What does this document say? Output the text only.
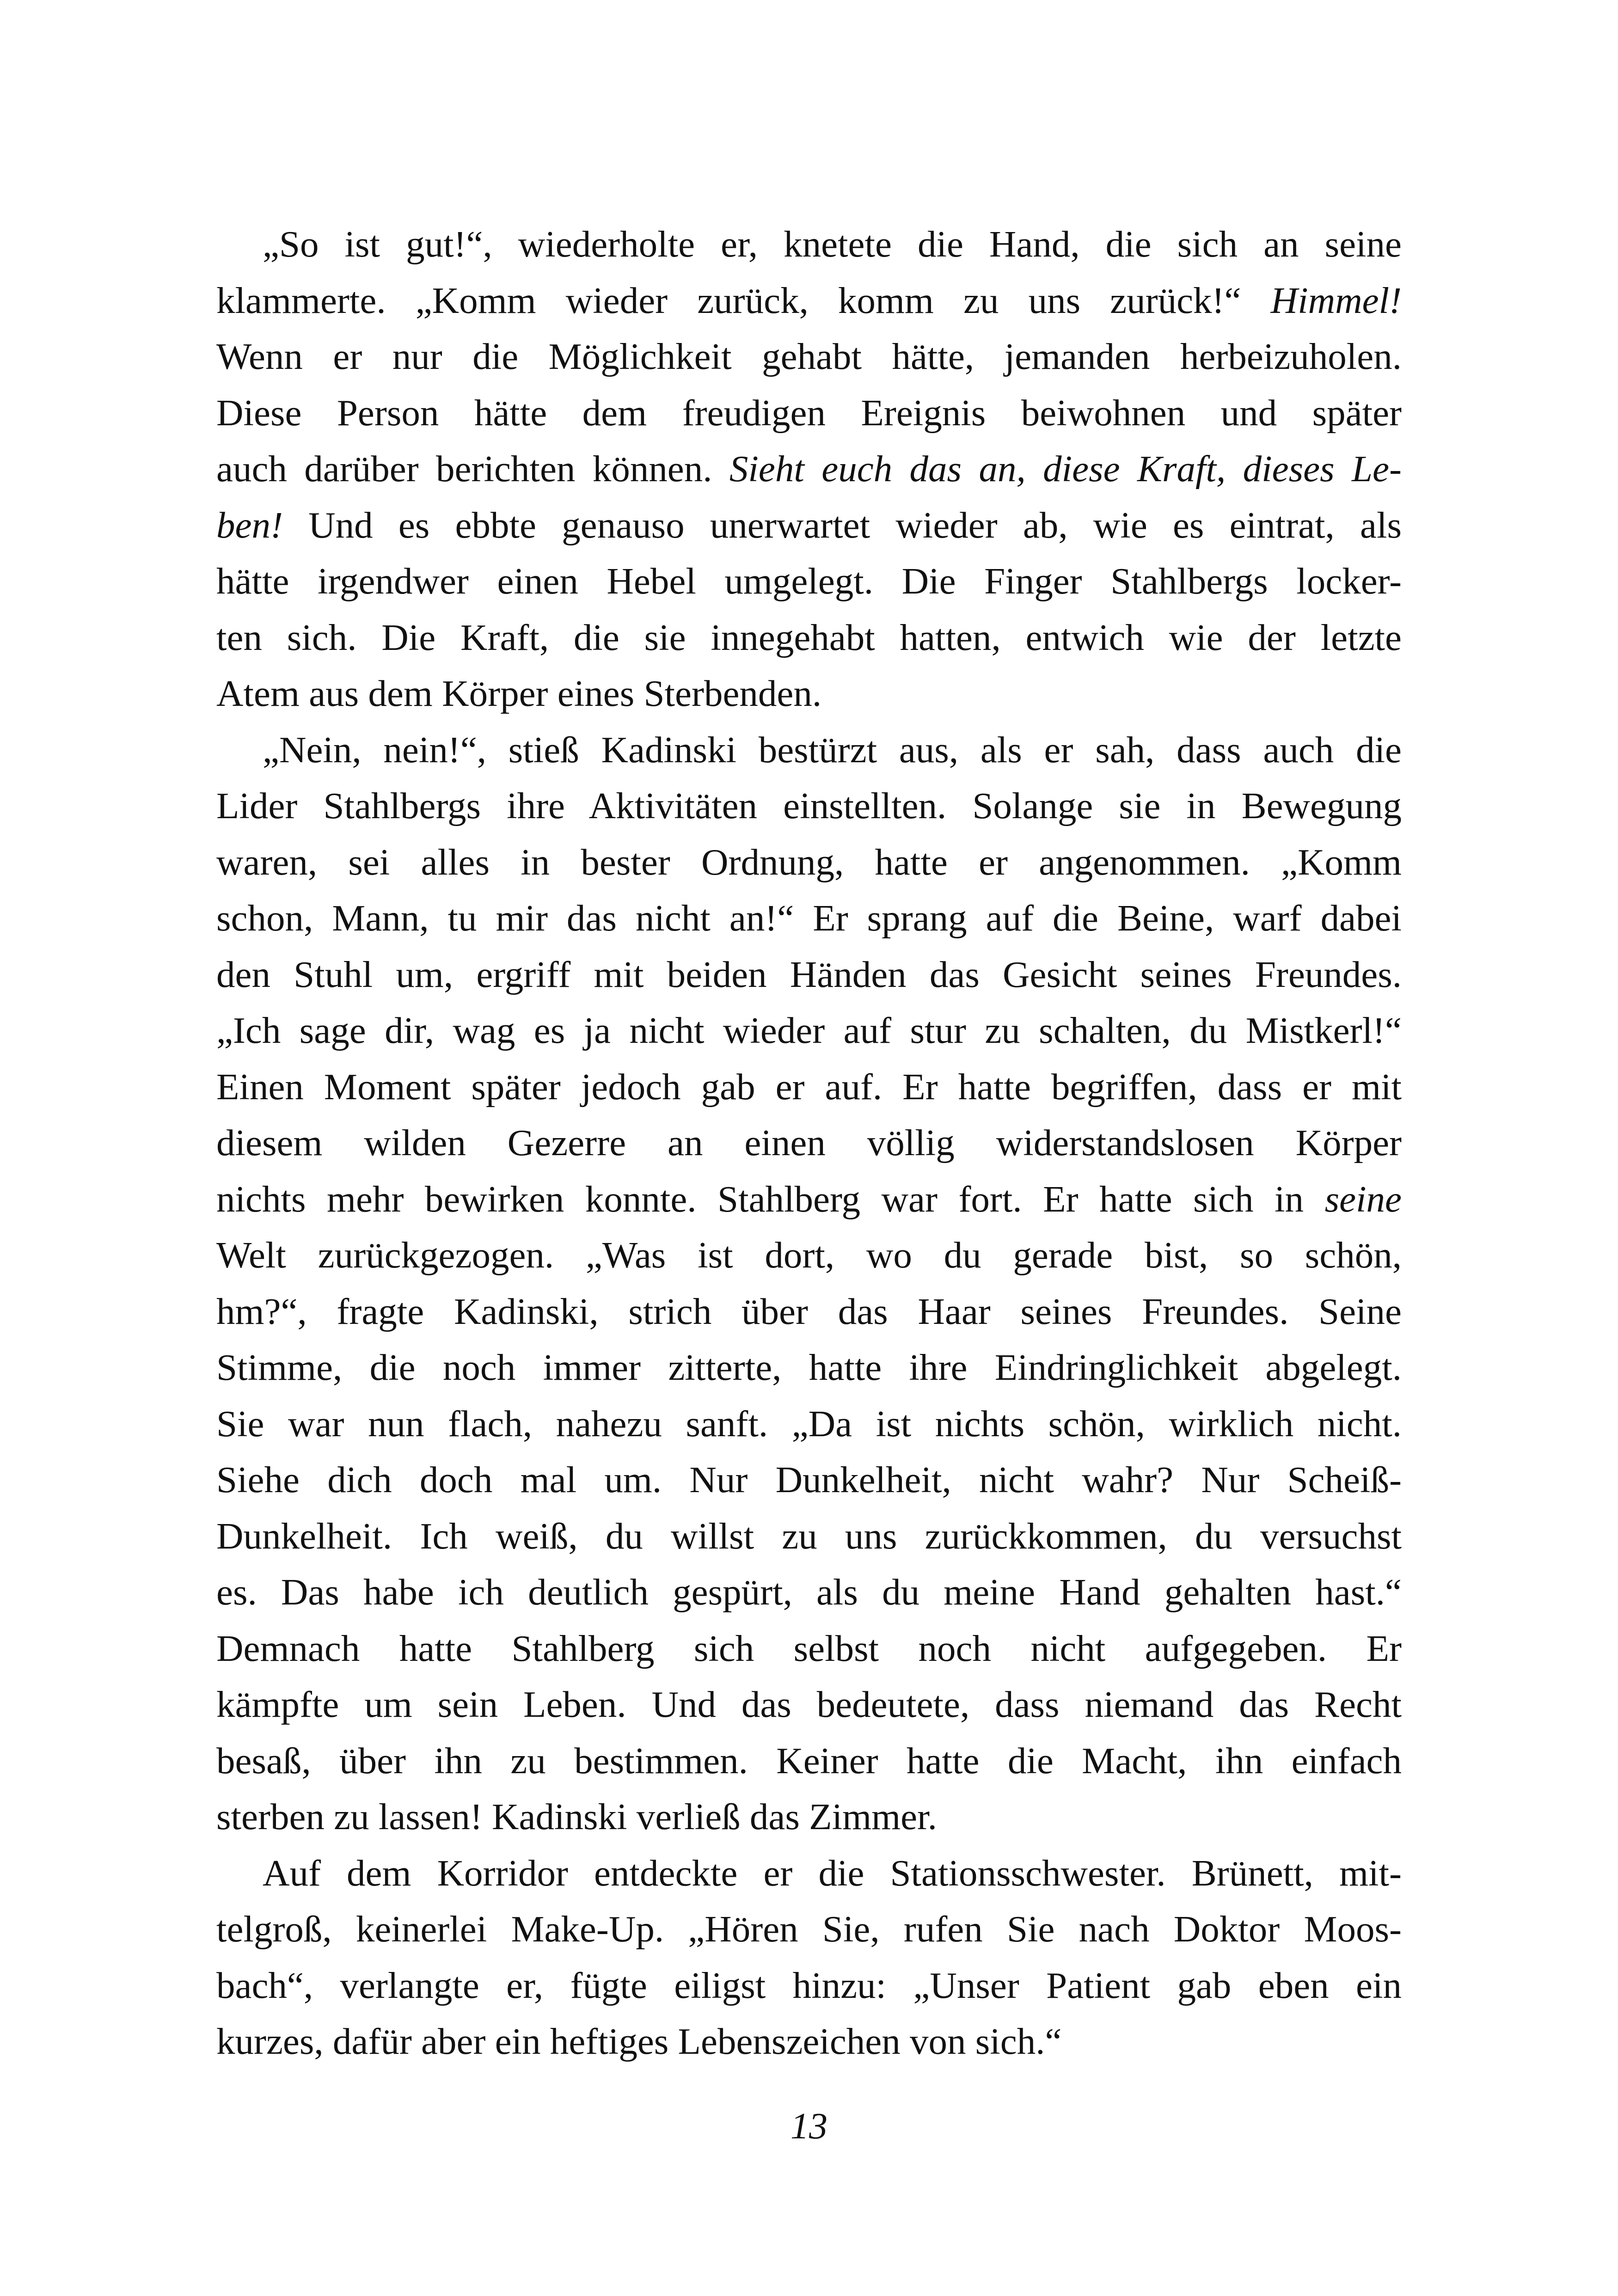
„So ist gut!“, wiederholte er, knetete die Hand, die sich an seine
klammerte. „Komm wieder zurück, komm zu uns zurück!“ Himmel!
Wenn er nur die Möglichkeit gehabt hätte, jemanden herbeizuholen.
Diese Person hätte dem freudigen Ereignis beiwohnen und später
auch darüber berichten können. Sieht euch das an, diese Kraft, dieses Le-
ben! Und es ebbte genauso unerwartet wieder ab, wie es eintrat, als
hätte irgendwer einen Hebel umgelegt. Die Finger Stahlbergs locker-
ten sich. Die Kraft, die sie innegehabt hatten, entwich wie der letzte
Atem aus dem Körper eines Sterbenden.
„Nein, nein!“, stieß Kadinski bestürzt aus, als er sah, dass auch die
Lider Stahlbergs ihre Aktivitäten einstellten. Solange sie in Bewegung
waren, sei alles in bester Ordnung, hatte er angenommen. „Komm
schon, Mann, tu mir das nicht an!“ Er sprang auf die Beine, warf dabei
den Stuhl um, ergriff mit beiden Händen das Gesicht seines Freundes.
„Ich sage dir, wag es ja nicht wieder auf stur zu schalten, du Mistkerl!“
Einen Moment später jedoch gab er auf. Er hatte begriffen, dass er mit
diesem wilden Gezerre an einen völlig widerstandslosen Körper
nichts mehr bewirken konnte. Stahlberg war fort. Er hatte sich in seine
Welt zurückgezogen. „Was ist dort, wo du gerade bist, so schön,
hm?“, fragte Kadinski, strich über das Haar seines Freundes. Seine
Stimme, die noch immer zitterte, hatte ihre Eindringlichkeit abgelegt.
Sie war nun flach, nahezu sanft. „Da ist nichts schön, wirklich nicht.
Siehe dich doch mal um. Nur Dunkelheit, nicht wahr? Nur Scheiß-
Dunkelheit. Ich weiß, du willst zu uns zurückkommen, du versuchst
es. Das habe ich deutlich gespürt, als du meine Hand gehalten hast.“
Demnach hatte Stahlberg sich selbst noch nicht aufgegeben. Er
kämpfte um sein Leben. Und das bedeutete, dass niemand das Recht
besaß, über ihn zu bestimmen. Keiner hatte die Macht, ihn einfach
sterben zu lassen! Kadinski verließ das Zimmer.
Auf dem Korridor entdeckte er die Stationsschwester. Brünett, mit-
telgroß, keinerlei Make-Up. „Hören Sie, rufen Sie nach Doktor Moos-
bach“, verlangte er, fügte eiligst hinzu: „Unser Patient gab eben ein
kurzes, dafür aber ein heftiges Lebenszeichen von sich.“
13
